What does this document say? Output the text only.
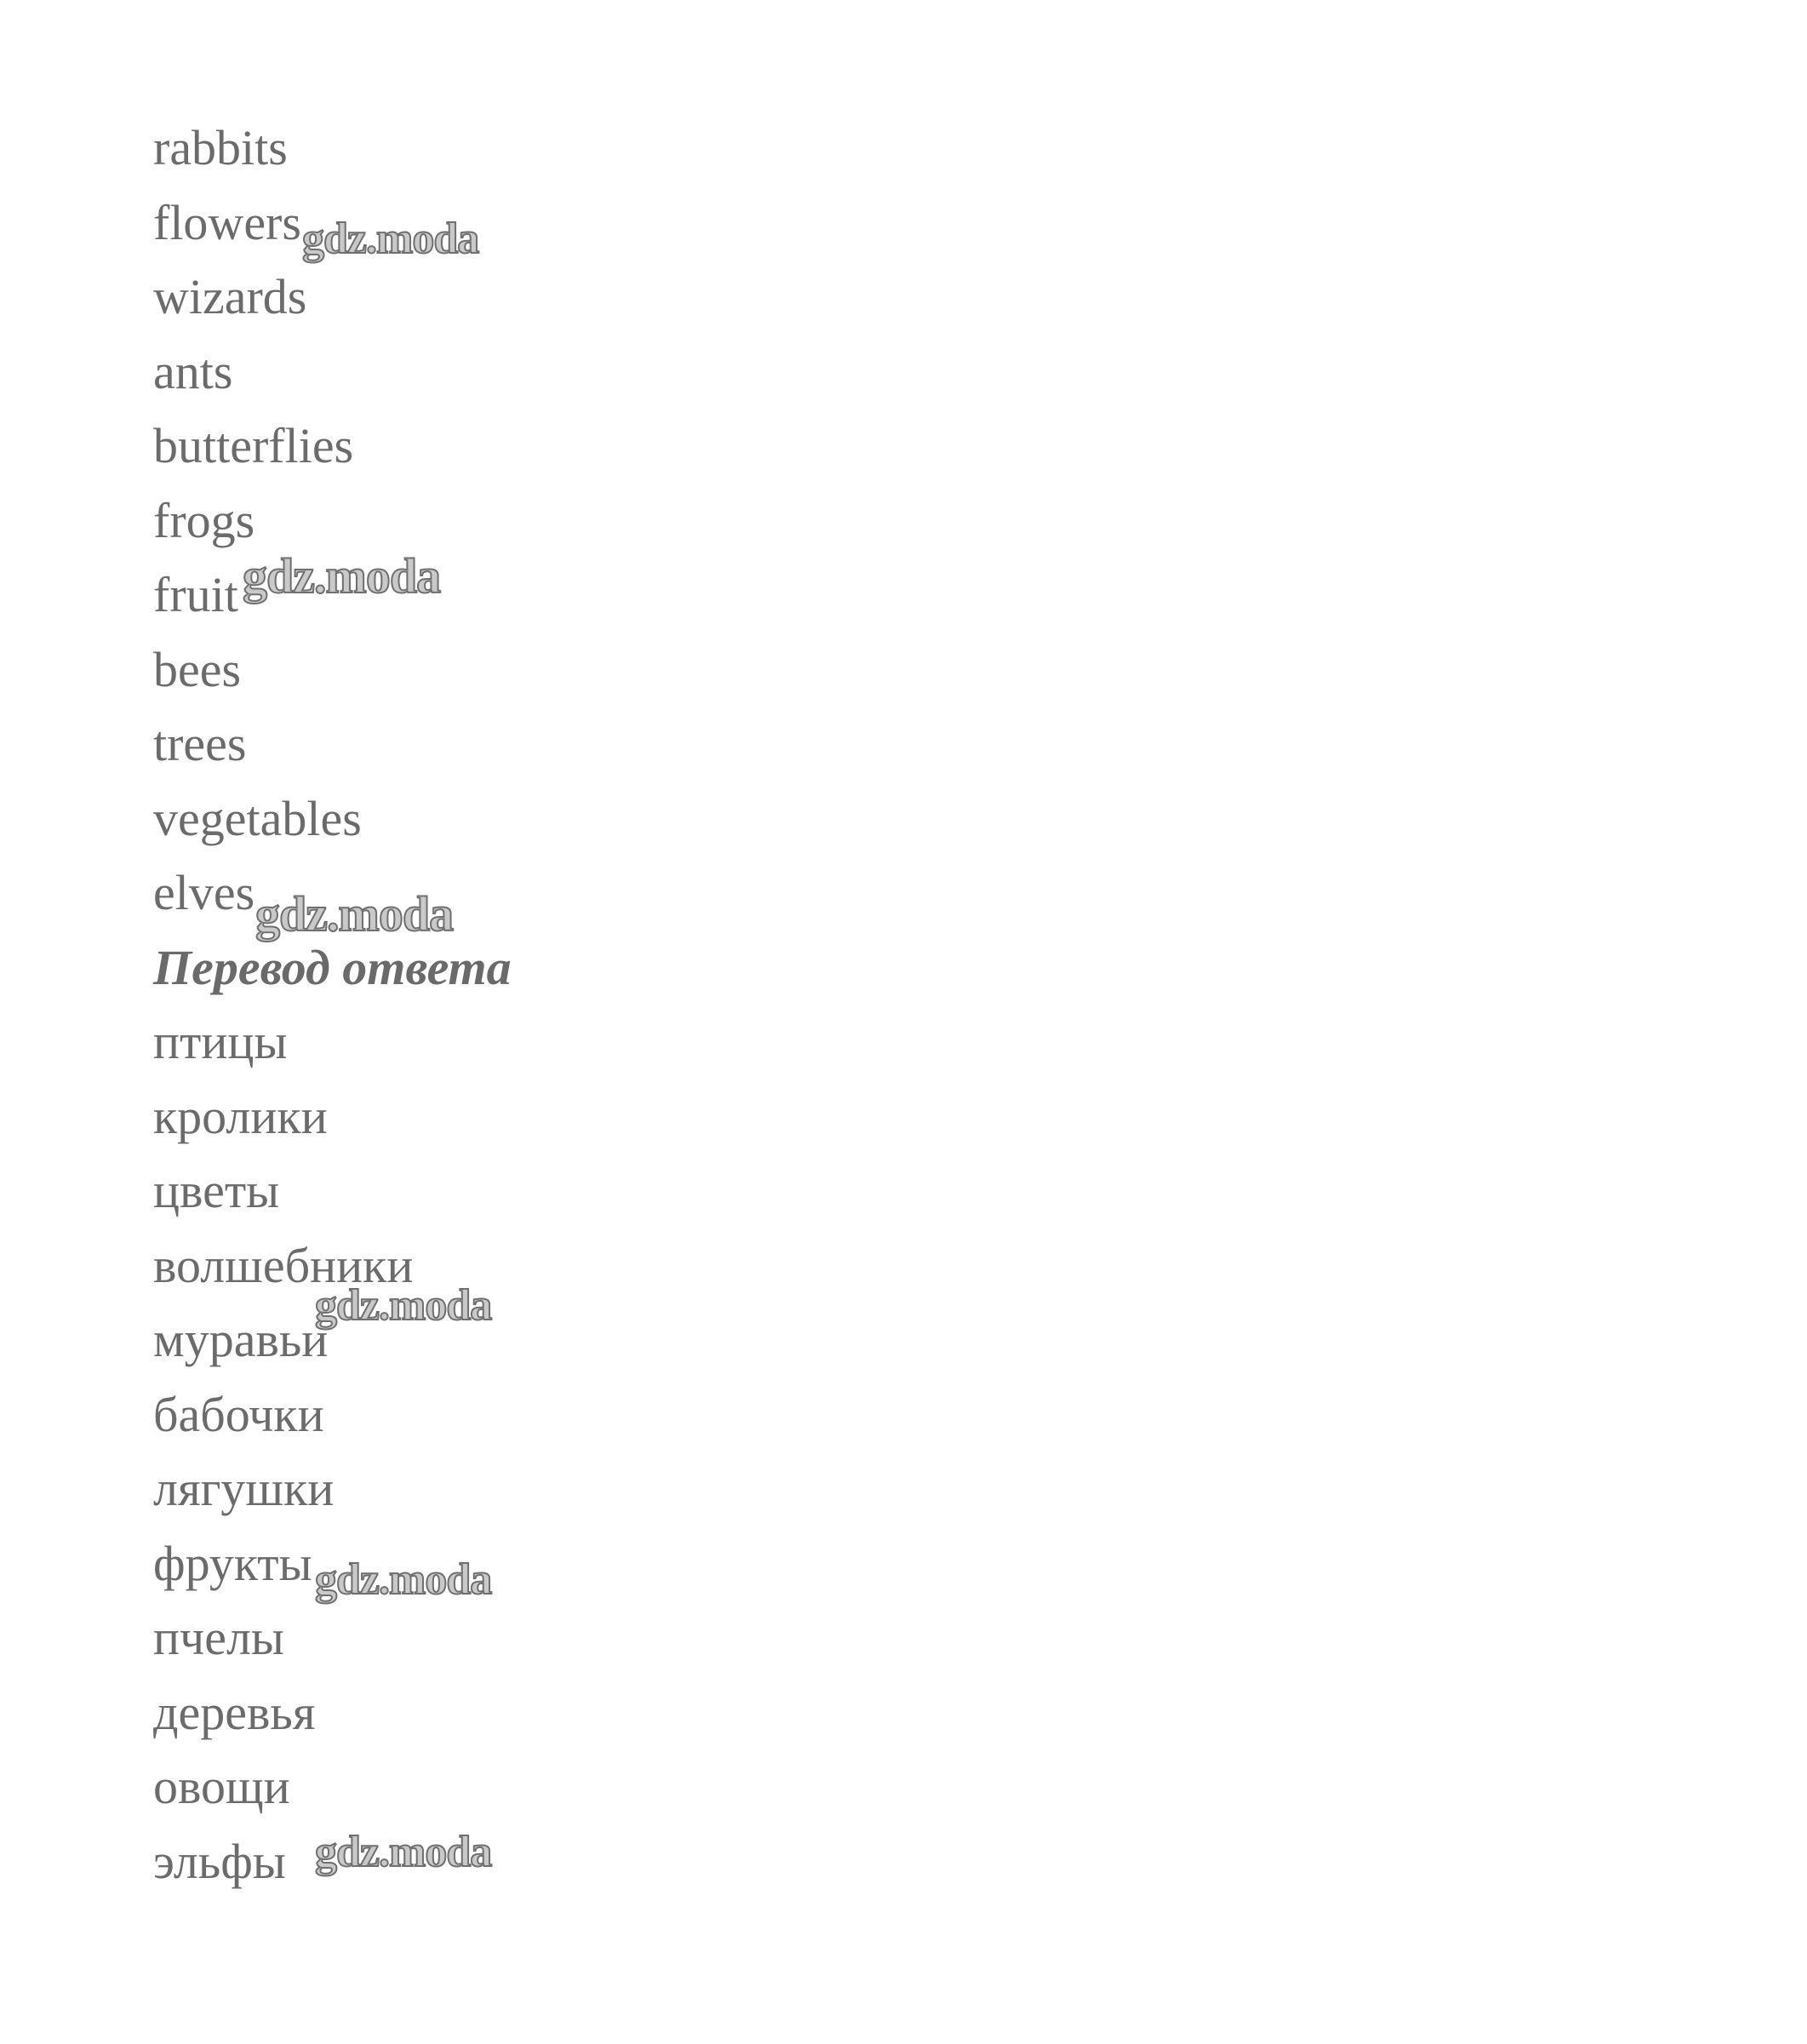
rabbits

flowers

wizards

ants

butterflies

frogs

fruit

bees

trees

vegetables

elves

Перевод ответа

птицы

кролики

цветы

волшебники

муравьи

бабочки

лягушки

фрукты

пчелы

деревья

овощи

эльфы

gdz.moda
gdz.moda
gdz.moda
gdz.moda
gdz.moda
gdz.moda
